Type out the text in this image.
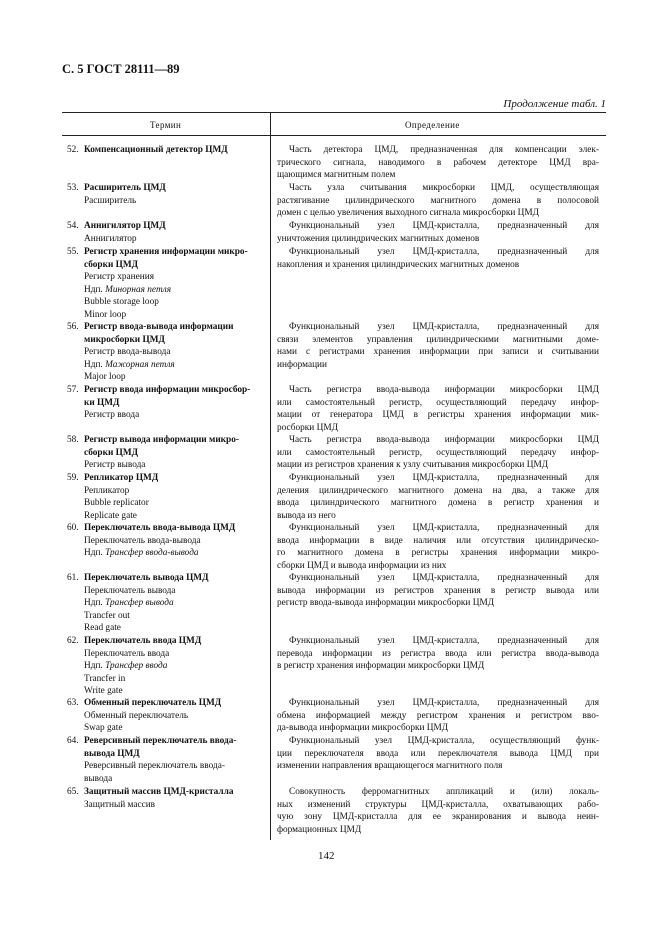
С. 5 ГОСТ 28111—89
Продолжение табл. 1
Термин	Определение
52. Компенсационный детектор ЦМД	Часть детектора ЦМД, предназначенная для компенсации элек-
трического сигнала, наводимого в рабочем детекторе ЦМД вра-
щающимся магнитным полем
53. Расширитель ЦМД
Расширитель
Часть узла считывания микросборки ЦМД, осуществляющая
растягивание цилиндрического магнитного домена в полосовой
домен с целью увеличения выходного сигнала микросборки ЦМД
54. Аннигилятор ЦМД
Аннигилятор
Функциональный узел ЦМД-кристалла, предназначенный для
уничтожения цилиндрических магнитных доменов
55. Регистр хранения информации микро-
сборки ЦМД
Регистр хранения
Ндп. Минорная петля
Bubble storage loop
Minor loop
Функциональный узел ЦМД-кристалла, предназначенный для
накопления и хранения цилиндрических магнитных доменов
56. Регистр ввода-вывода информации
микросборки ЦМД
Регистр ввода-вывода
Ндп. Мажорная петля
Major loop
Функциональный узел ЦМД-кристалла, предназначенный для
связи элементов управления цилиндрическими магнитными доме-
нами с регистрами хранения информации при записи и считывании
информации
57. Регистр ввода информации микросбор-
ки ЦМД
Регистр ввода
Часть регистра ввода-вывода информации микросборки ЦМД
или самостоятельный регистр, осуществляющий передачу инфор-
мации от генератора ЦМД в регистры хранения информации мик-
росборки ЦМД
58. Регистр вывода информации микро-
сборки ЦМД
Регистр вывода
Часть регистра ввода-вывода информации микросборки ЦМД
или самостоятельный регистр, осуществляющий передачу инфор-
мации из регистров хранения к узлу считывания микросборки ЦМД
59. Репликатор ЦМД
Репликатор
Bubble replicator
Replicate gate
Функциональный узел ЦМД-кристалла, предназначенный для
деления цилиндрического магнитного домена на два, а также для
ввода цилиндрического магнитного домена в регистр хранения и
вывода из него
60. Переключатель ввода-вывода ЦМД
Переключатель ввода-вывода
Ндп. Трансфер ввода-вывода
Функциональный узел ЦМД-кристалла, предназначенный для
ввода информации в виде наличия или отсутствия цилиндрическо-
го магнитного домена в регистры хранения информации микро-
сборки ЦМД и вывода информации из них
61. Переключатель вывода ЦМД
Переключатель вывода
Ндп. Трансфер вывода
Trancfer out
Read gate
Функциональный узел ЦМД-кристалла, предназначенный для
вывода информации из регистров хранения в регистр вывода или
регистр ввода-вывода информации микросборки ЦМД
62. Переключатель ввода ЦМД
Переключатель ввода
Ндп. Трансфер ввода
Trancfer in
Write gate
Функциональный узел ЦМД-кристалла, предназначенный для
перевода информации из регистра ввода или регистра ввода-вывода
в регистр хранения информации микросборки ЦМД
63. Обменный переключатель ЦМД
Обменный переключатель
Swap gate
Функциональный узел ЦМД-кристалла, предназначенный для
обмена информацией между регистром хранения и регистром вво-
да-вывода информации микросборки ЦМД
64. Реверсивный переключатель ввода-
вывода ЦМД
Реверсивный переключатель ввода-
вывода
Функциональный узел ЦМД-кристалла, осуществляющий функ-
ции переключателя ввода или переключателя вывода ЦМД при
изменении направления вращающегося магнитного поля
65. Защитный массив ЦМД-кристалла
Защитный массив
Совокупность ферромагнитных аппликаций и (или) локаль-
ных изменений структуры ЦМД-кристалла, охватывающих рабо-
чую зону ЦМД-кристалла для ее экранирования и вывода неин-
формационных ЦМД
142
